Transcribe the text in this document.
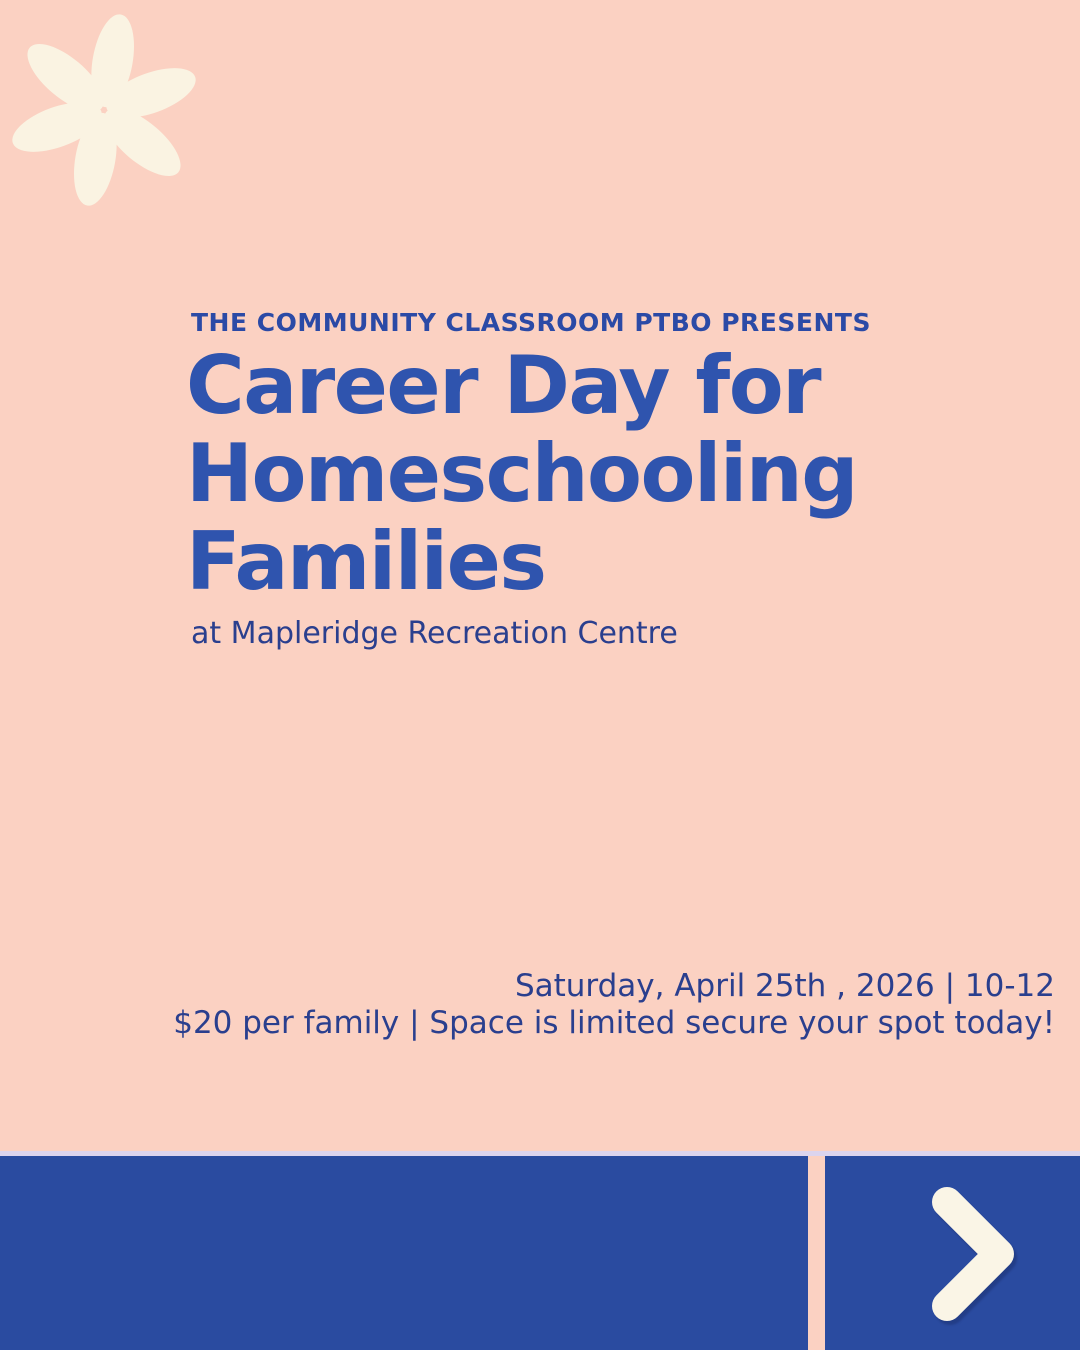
THE COMMUNITY CLASSROOM PTBO PRESENTS
Career Day for
Homeschooling
Families
at Mapleridge Recreation Centre
Saturday, April 25th , 2026 | 10-12
$20 per family | Space is limited secure your spot today!
